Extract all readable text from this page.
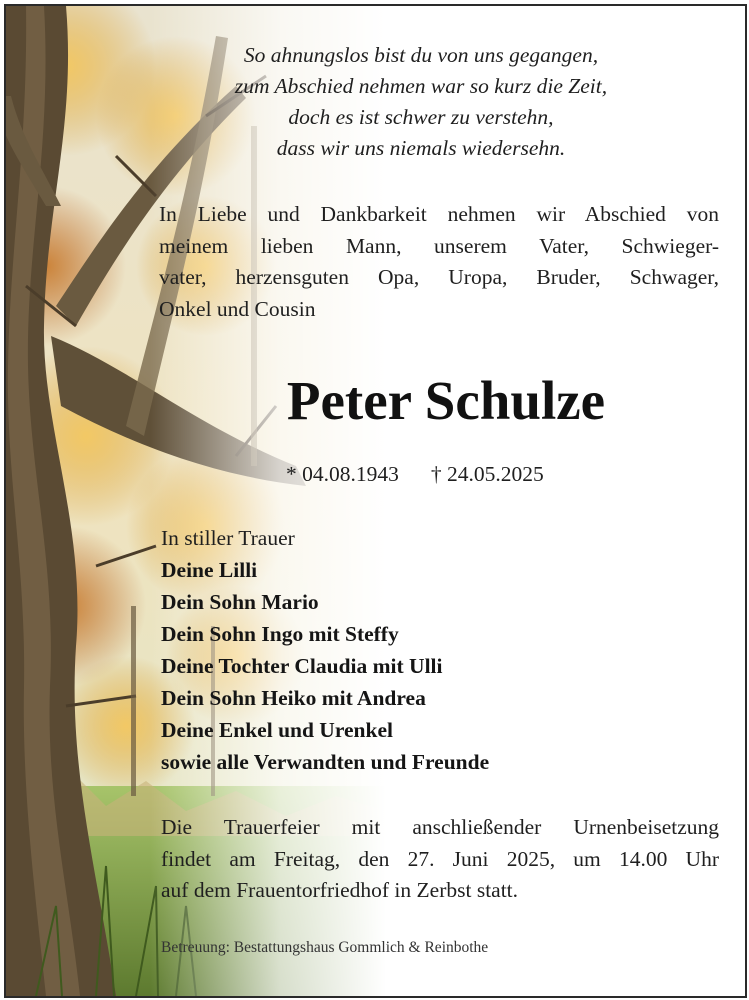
So ahnungslos bist du von uns gegangen,
zum Abschied nehmen war so kurz die Zeit,
doch es ist schwer zu verstehn,
dass wir uns niemals wiedersehn.
In Liebe und Dankbarkeit nehmen wir Abschied von
meinem lieben Mann, unserem Vater, Schwieger-
vater, herzensguten Opa, Uropa, Bruder, Schwager,
Onkel und Cousin
Peter Schulze
* 04.08.1943 † 24.05.2025
In stiller Trauer
Deine Lilli
Dein Sohn Mario
Dein Sohn Ingo mit Steffy
Deine Tochter Claudia mit Ulli
Dein Sohn Heiko mit Andrea
Deine Enkel und Urenkel
sowie alle Verwandten und Freunde
Die Trauerfeier mit anschließender Urnenbeisetzung
findet am Freitag, den 27. Juni 2025, um 14.00 Uhr
auf dem Frauentorfriedhof in Zerbst statt.
Betreuung: Bestattungshaus Gommlich & Reinbothe
